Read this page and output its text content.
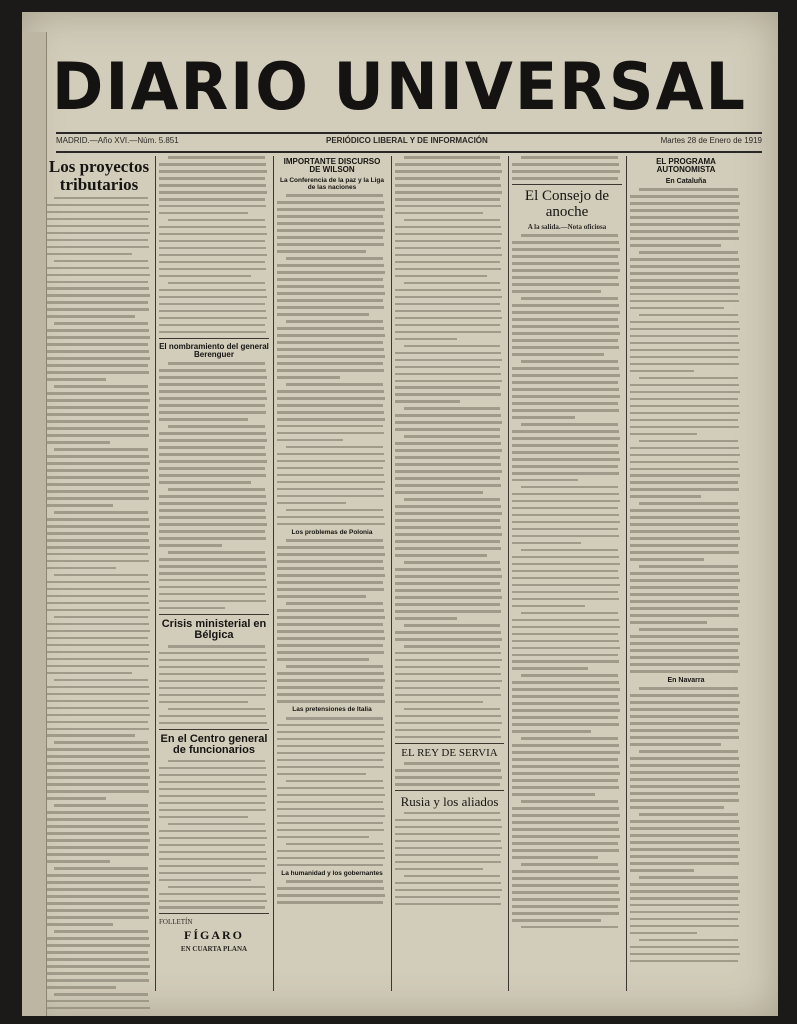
DIARIO UNIVERSAL
MADRID.—Año XVI.—Núm. 5.851	PERIÓDICO LIBERAL Y DE INFORMACIÓN	Martes 28 de Enero de 1919
Los proyectos tributarios
El nombramiento del general Berenguer
Crisis ministerial en Bélgica
En el Centro general de funcionarios
FOLLETÍN
FÍGARO
EN CUARTA PLANA
IMPORTANTE DISCURSO DE WILSON
La Conferencia de la paz y la Liga de las naciones
Los problemas de Polonia
Las pretensiones de Italia
La humanidad y los gobernantes
EL REY DE SERVIA
Rusia y los aliados
El Consejo de anoche
A la salida.—Nota oficiosa
EL PROGRAMA AUTONOMISTA
En Cataluña
En Navarra
